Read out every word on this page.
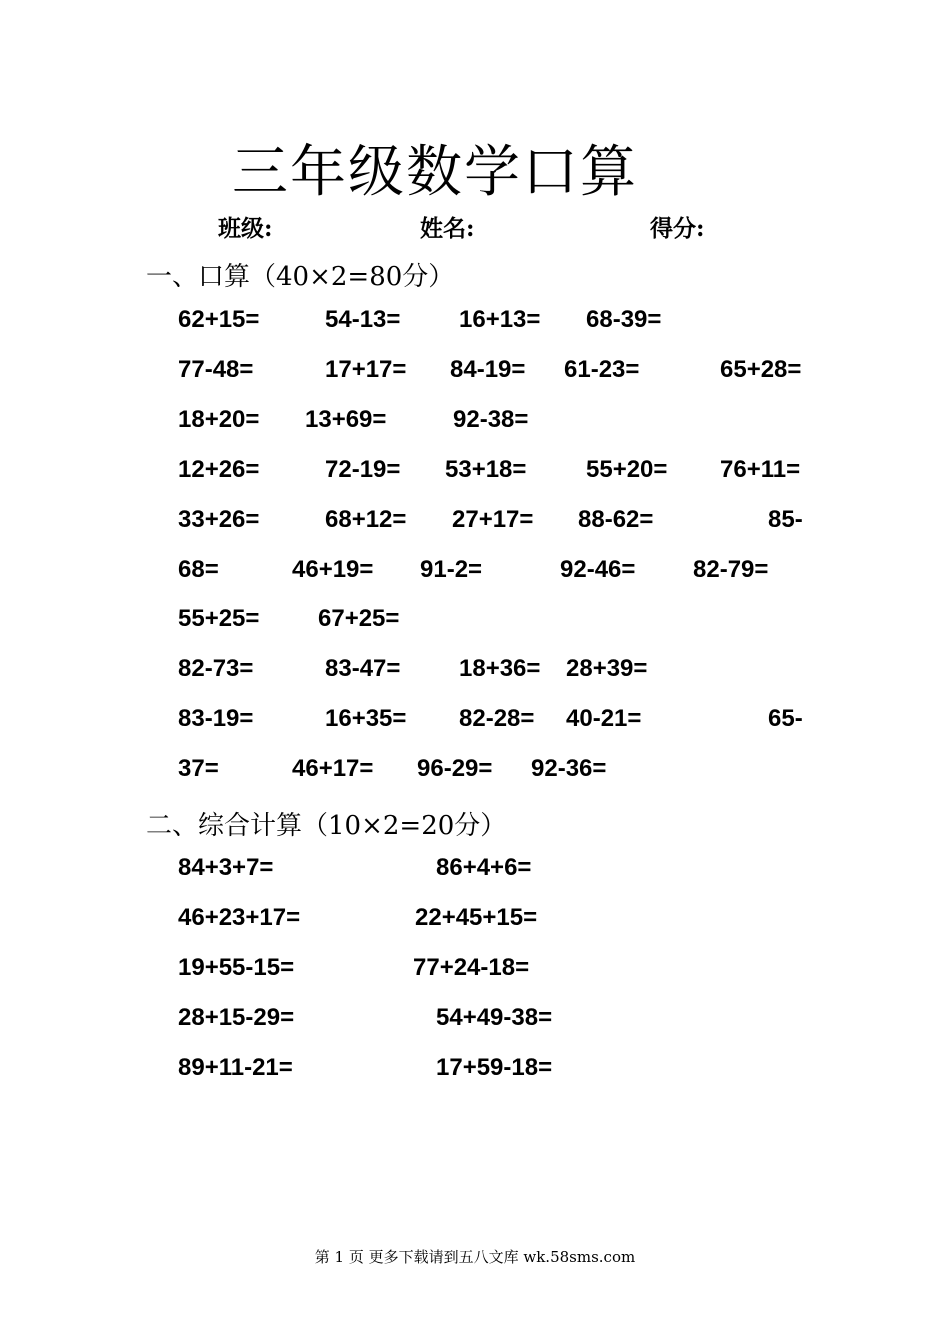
三年级数学口算
班级:	姓名:	得分:
一、口算（40×2=80分）
62+15=	54-13= 16+13= 68-39=
77-48=	17+17= 84-19= 61-23=	65+28=
18+20= 13+69=	92-38=
12+26=	72-19= 53+18= 55+20= 76+11=
33+26=	68+12= 27+17= 88-62=	85-
68=	46+19= 91-2=	92-46= 82-79=
55+25= 67+25=
82-73=	83-47= 18+36= 28+39=
83-19=	16+35= 82-28= 40-21=	65-
37=	46+17= 96-29= 92-36=
二、综合计算（10×2=20分）
84+3+7=	86+4+6=
46+23+17=	22+45+15=
19+55-15=	77+24-18=
28+15-29=	54+49-38=
89+11-21=	17+59-18=
第 1 页 更多下载请到五八文库 wk.58sms.com
